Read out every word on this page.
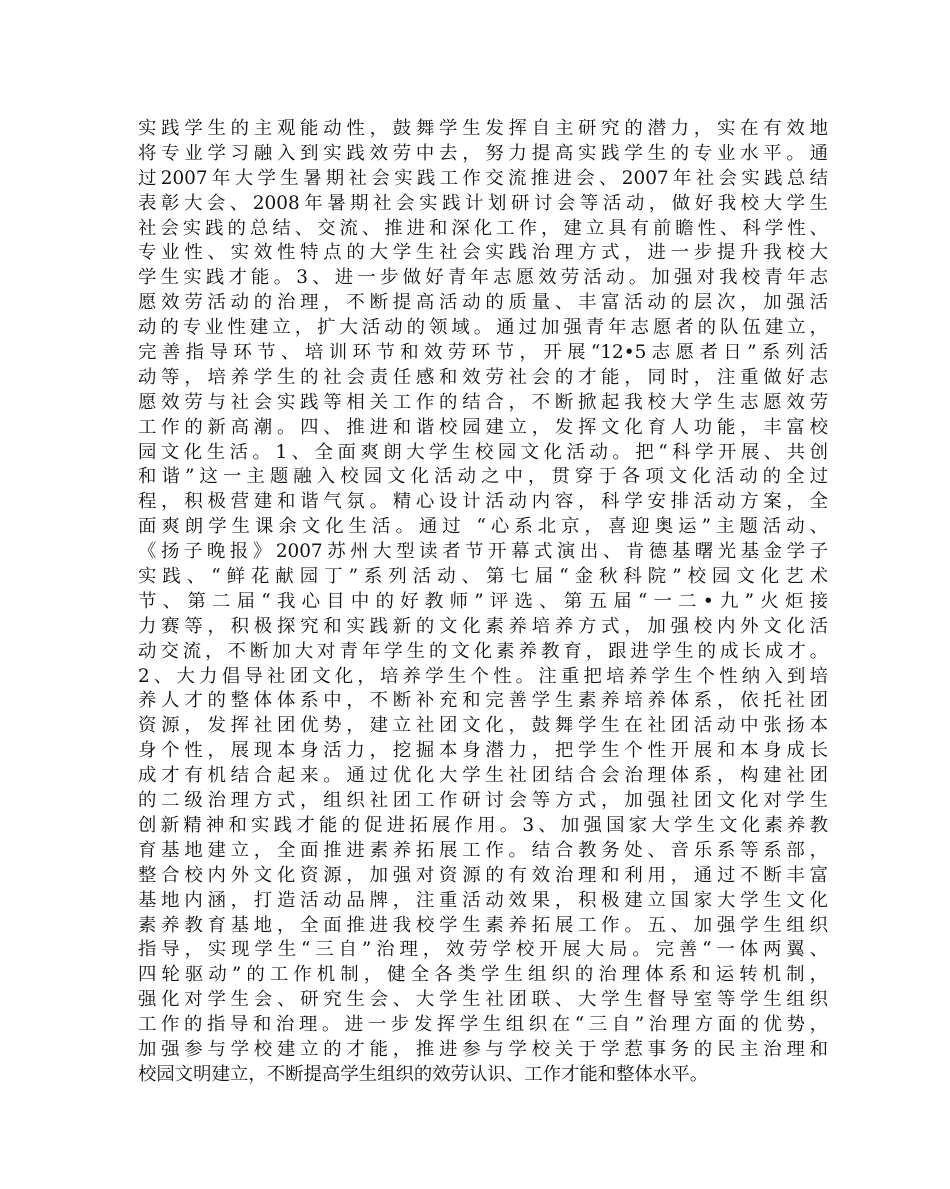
实践学生的主观能动性，鼓舞学生发挥自主研究的潜力，实在有效地
将专业学习融入到实践效劳中去，努力提高实践学生的专业水平。通
过2007年大学生暑期社会实践工作交流推进会、2007年社会实践总结
表彰大会、2008年暑期社会实践计划研讨会等活动，做好我校大学生
社会实践的总结、交流、推进和深化工作，建立具有前瞻性、科学性、
专业性、实效性特点的大学生社会实践治理方式，进一步提升我校大
学生实践才能。3、进一步做好青年志愿效劳活动。加强对我校青年志
愿效劳活动的治理，不断提高活动的质量、丰富活动的层次，加强活
动的专业性建立，扩大活动的领域。通过加强青年志愿者的队伍建立，
完善指导环节、培训环节和效劳环节，开展“12•5志愿者日”系列活
动等，培养学生的社会责任感和效劳社会的才能，同时，注重做好志
愿效劳与社会实践等相关工作的结合，不断掀起我校大学生志愿效劳
工作的新高潮。四、推进和谐校园建立，发挥文化育人功能，丰富校
园文化生活。1、全面爽朗大学生校园文化活动。把“科学开展、共创
和谐”这一主题融入校园文化活动之中，贯穿于各项文化活动的全过
程，积极营建和谐气氛。精心设计活动内容，科学安排活动方案，全
面爽朗学生课余文化生活。通过 “心系北京，喜迎奥运”主题活动、
《扬子晚报》2007苏州大型读者节开幕式演出、肯德基曙光基金学子
实践、“鲜花献园丁”系列活动、第七届“金秋科院”校园文化艺术
节、第二届“我心目中的好教师”评选、第五届“一二•九”火炬接
力赛等，积极探究和实践新的文化素养培养方式，加强校内外文化活
动交流，不断加大对青年学生的文化素养教育，跟进学生的成长成才。
2、大力倡导社团文化，培养学生个性。注重把培养学生个性纳入到培
养人才的整体体系中，不断补充和完善学生素养培养体系，依托社团
资源，发挥社团优势，建立社团文化，鼓舞学生在社团活动中张扬本
身个性，展现本身活力，挖掘本身潜力，把学生个性开展和本身成长
成才有机结合起来。通过优化大学生社团结合会治理体系，构建社团
的二级治理方式，组织社团工作研讨会等方式，加强社团文化对学生
创新精神和实践才能的促进拓展作用。3、加强国家大学生文化素养教
育基地建立，全面推进素养拓展工作。结合教务处、音乐系等系部，
整合校内外文化资源，加强对资源的有效治理和利用，通过不断丰富
基地内涵，打造活动品牌，注重活动效果，积极建立国家大学生文化
素养教育基地，全面推进我校学生素养拓展工作。五、加强学生组织
指导，实现学生“三自”治理，效劳学校开展大局。完善“一体两翼、
四轮驱动”的工作机制，健全各类学生组织的治理体系和运转机制，
强化对学生会、研究生会、大学生社团联、大学生督导室等学生组织
工作的指导和治理。进一步发挥学生组织在“三自”治理方面的优势，
加强参与学校建立的才能，推进参与学校关于学惹事务的民主治理和
校园文明建立，不断提高学生组织的效劳认识、工作才能和整体水平。
